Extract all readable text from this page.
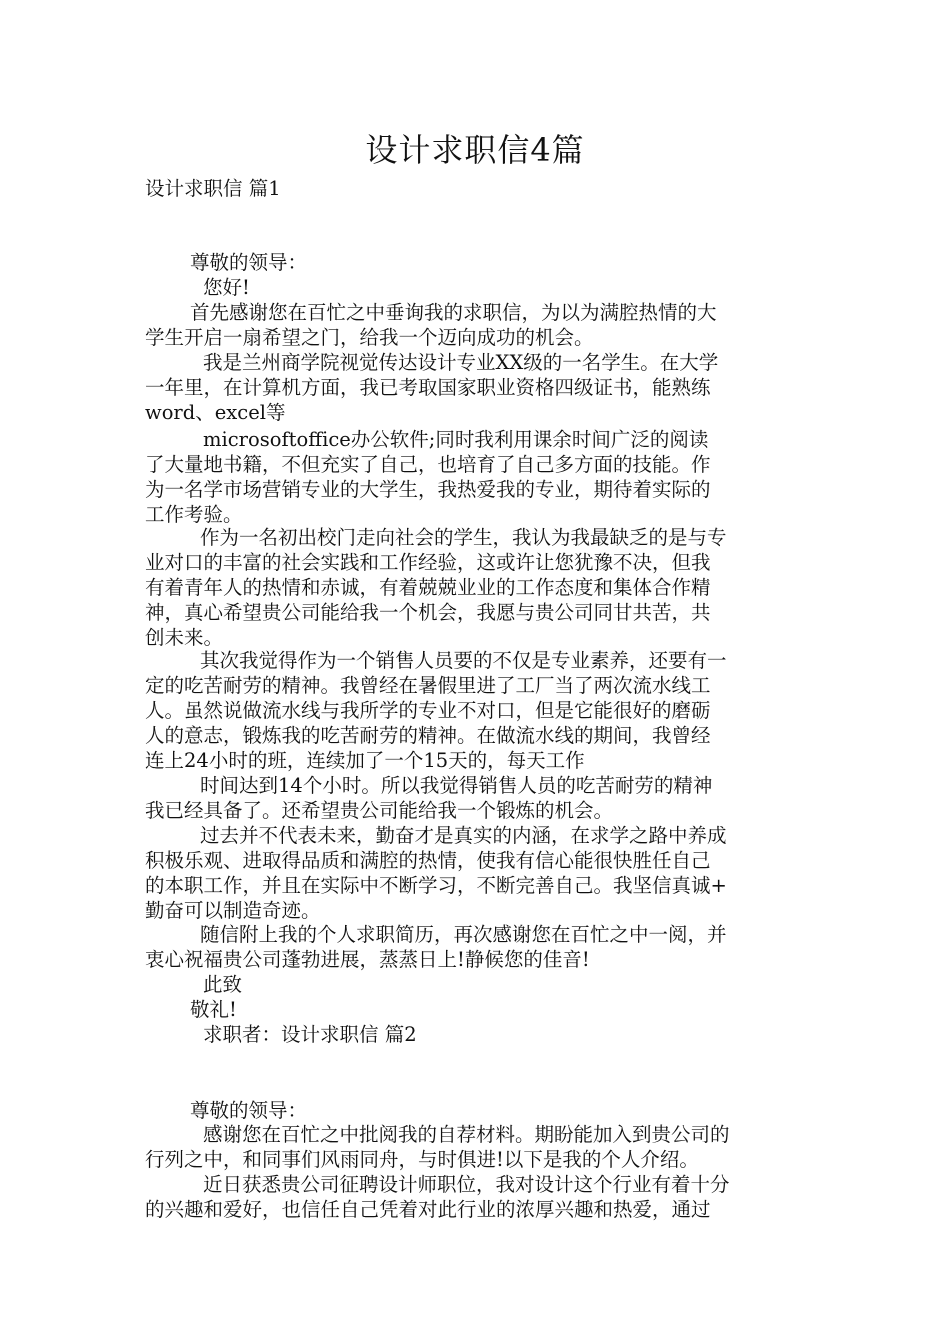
设计求职信4篇
设计求职信 篇1
尊敬的领导：
您好!
首先感谢您在百忙之中垂询我的求职信，为以为满腔热情的大
学生开启一扇希望之门，给我一个迈向成功的机会。
我是兰州商学院视觉传达设计专业XX级的一名学生。在大学
一年里，在计算机方面，我已考取国家职业资格四级证书，能熟练
word、excel等
microsoftoffice办公软件;同时我利用课余时间广泛的阅读
了大量地书籍，不但充实了自己，也培育了自己多方面的技能。作
为一名学市场营销专业的大学生，我热爱我的专业，期待着实际的
工作考验。
作为一名初出校门走向社会的学生，我认为我最缺乏的是与专
业对口的丰富的社会实践和工作经验，这或许让您犹豫不决，但我
有着青年人的热情和赤诚，有着兢兢业业的工作态度和集体合作精
神，真心希望贵公司能给我一个机会，我愿与贵公司同甘共苦，共
创未来。
其次我觉得作为一个销售人员要的不仅是专业素养，还要有一
定的吃苦耐劳的精神。我曾经在暑假里进了工厂当了两次流水线工
人。虽然说做流水线与我所学的专业不对口，但是它能很好的磨砺
人的意志，锻炼我的吃苦耐劳的精神。在做流水线的期间，我曾经
连上24小时的班，连续加了一个15天的，每天工作
时间达到14个小时。所以我觉得销售人员的吃苦耐劳的精神
我已经具备了。还希望贵公司能给我一个锻炼的机会。
过去并不代表未来，勤奋才是真实的内涵，在求学之路中养成
积极乐观、进取得品质和满腔的热情，使我有信心能很快胜任自己
的本职工作，并且在实际中不断学习，不断完善自己。我坚信真诚+
勤奋可以制造奇迹。
随信附上我的个人求职简历，再次感谢您在百忙之中一阅，并
衷心祝福贵公司蓬勃进展，蒸蒸日上!静候您的佳音!
此致
敬礼!
求职者：设计求职信 篇2
尊敬的领导：
感谢您在百忙之中批阅我的自荐材料。期盼能加入到贵公司的
行列之中，和同事们风雨同舟，与时俱进!以下是我的个人介绍。
近日获悉贵公司征聘设计师职位，我对设计这个行业有着十分
的兴趣和爱好，也信任自己凭着对此行业的浓厚兴趣和热爱，通过
